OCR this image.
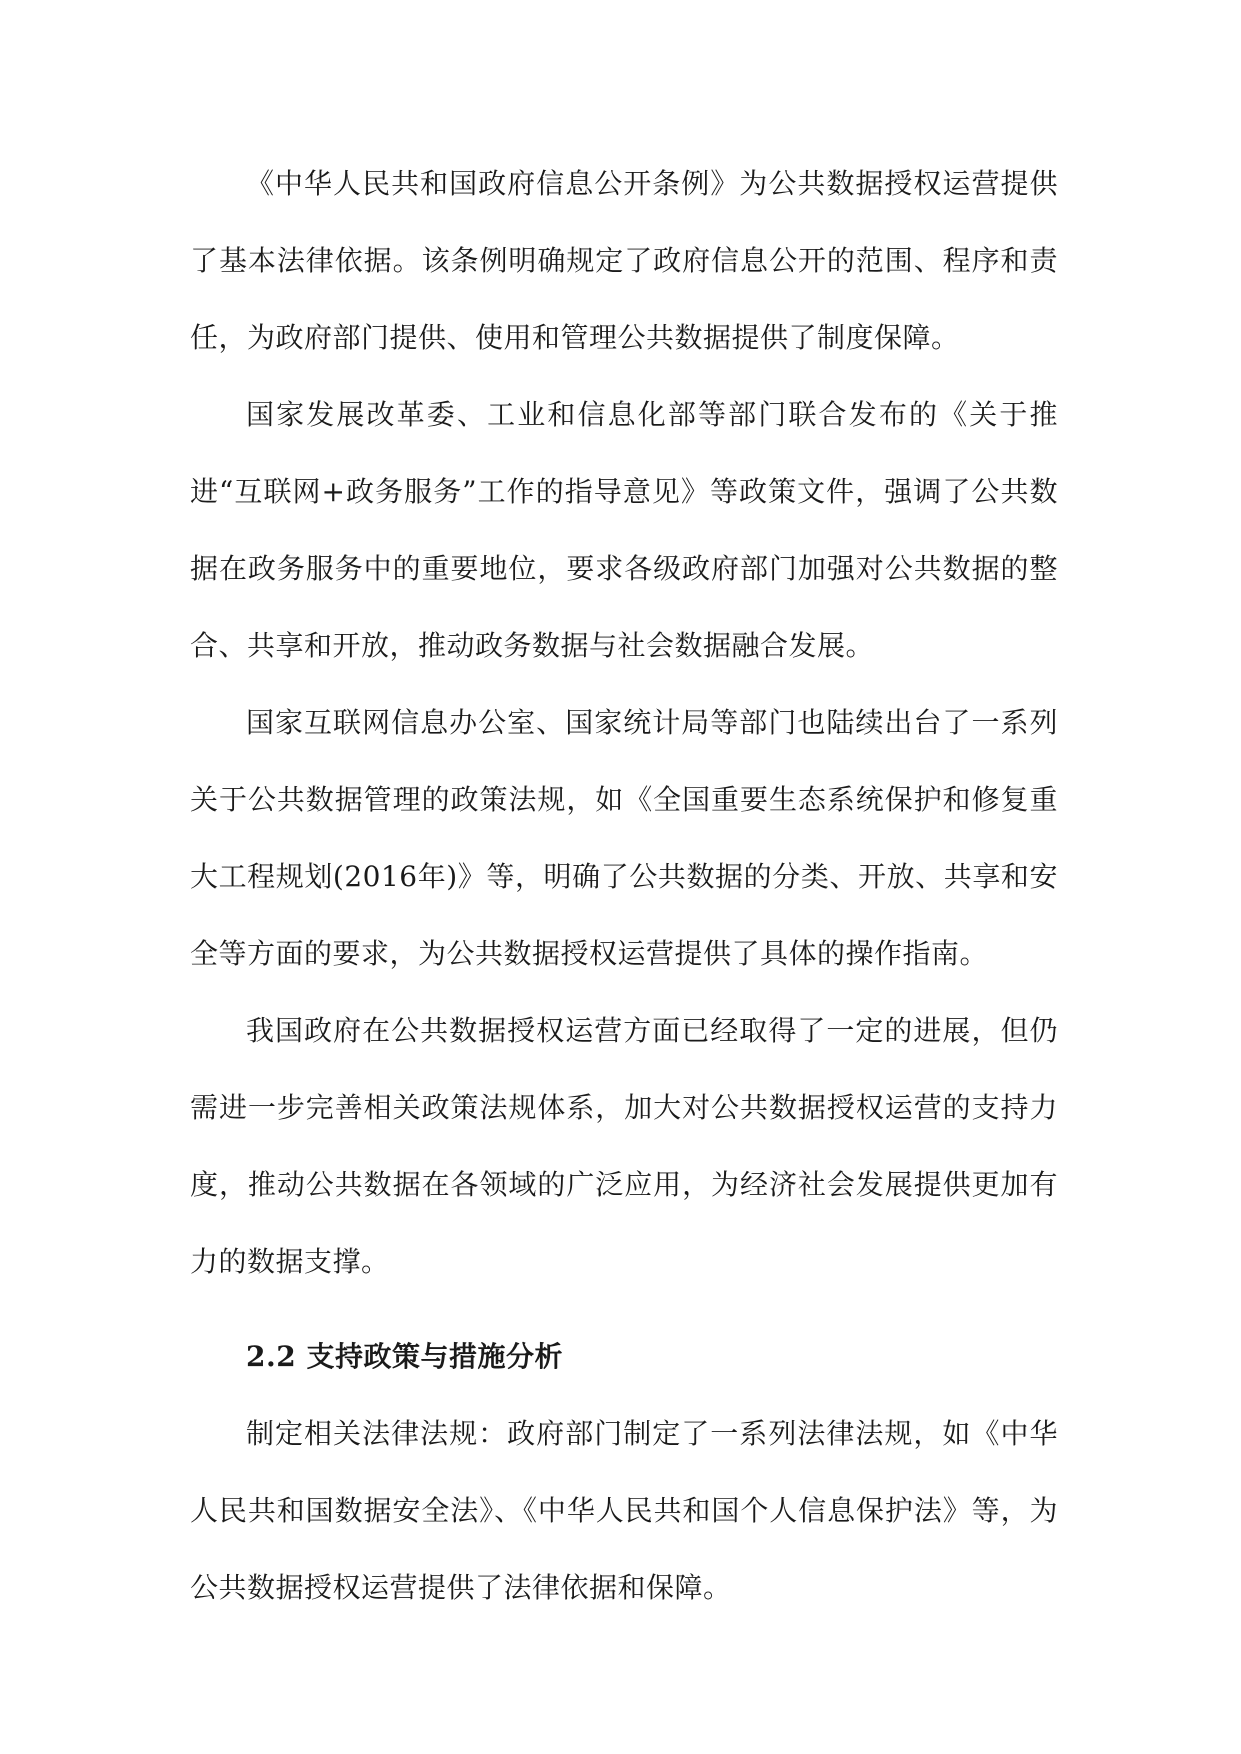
《中华人民共和国政府信息公开条例》为公共数据授权运营提供了基本法律依据。该条例明确规定了政府信息公开的范围、程序和责任，为政府部门提供、使用和管理公共数据提供了制度保障。

国家发展改革委、工业和信息化部等部门联合发布的《关于推进“互联网+政务服务”工作的指导意见》等政策文件，强调了公共数据在政务服务中的重要地位，要求各级政府部门加强对公共数据的整合、共享和开放，推动政务数据与社会数据融合发展。

国家互联网信息办公室、国家统计局等部门也陆续出台了一系列关于公共数据管理的政策法规，如《全国重要生态系统保护和修复重大工程规划(2016年)》等，明确了公共数据的分类、开放、共享和安全等方面的要求，为公共数据授权运营提供了具体的操作指南。

我国政府在公共数据授权运营方面已经取得了一定的进展，但仍需进一步完善相关政策法规体系，加大对公共数据授权运营的支持力度，推动公共数据在各领域的广泛应用，为经济社会发展提供更加有力的数据支撑。

2.2 支持政策与措施分析

制定相关法律法规：政府部门制定了一系列法律法规，如《中华人民共和国数据安全法》、《中华人民共和国个人信息保护法》等，为公共数据授权运营提供了法律依据和保障。
